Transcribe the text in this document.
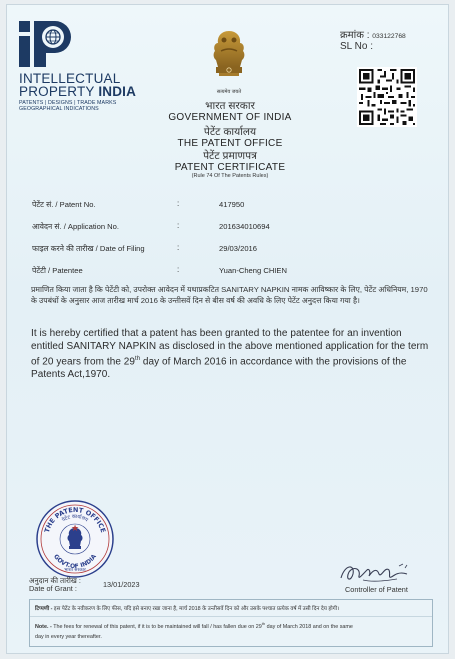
INTELLECTUAL
PROPERTY INDIA
PATENTS | DESIGNS | TRADE MARKS
GEOGRAPHICAL INDICATIONS
सत्यमेव जयते
क्रमांक : 033122768
SL No :
भारत सरकार
GOVERNMENT OF INDIA
पेटेंट कार्यालय
THE PATENT OFFICE
पेटेंट प्रमाणपत्र
PATENT CERTIFICATE
(Rule 74 Of The Patents Rules)
पेटेंट सं. / Patent No.	:	417950
आवेदन सं. / Application No.	:	201634010694
फाइल करने की तारीख / Date of Filing	:	29/03/2016
पेटेंटी / Patentee	:	Yuan-Cheng CHIEN
प्रमाणित किया जाता है कि पेटेंटी को, उपरोक्त आवेदन में यथाप्रकटित SANITARY NAPKIN नामक आविष्कार के लिए, पेटेंट अधिनियम, 1970 के उपबंधों के अनुसार आज तारीख मार्च 2016 के उन्तीसवें दिन से बीस वर्ष की अवधि के लिए पेटेंट अनुदत्त किया गया है।
It is hereby certified that a patent has been granted to the patentee for an invention entitled SANITARY NAPKIN as disclosed in the above mentioned application for the term of 20 years from the 29th day of March 2016 in accordance with the provisions of the Patents Act,1970.
पेटेंट कार्यालय
THE PATENT OFFICE
GOVT.OF INDIA
भारत सरकार
★
अनुदान की तारीख :
Date of Grant :	13/01/2023
Controller of Patent
टिप्पणी - इस पेटेंट के नवीकरण के लिए फीस, यदि इसे बनाए रखा जाना है, मार्च 2018 के उन्तीसवें दिन को और उसके पश्चात प्रत्येक वर्ष में उसी दिन देय होगी।
Note. - The fees for renewal of this patent, if it is to be maintained will fall / has fallen due on 29th day of March 2018 and on the same
day in every year thereafter.
